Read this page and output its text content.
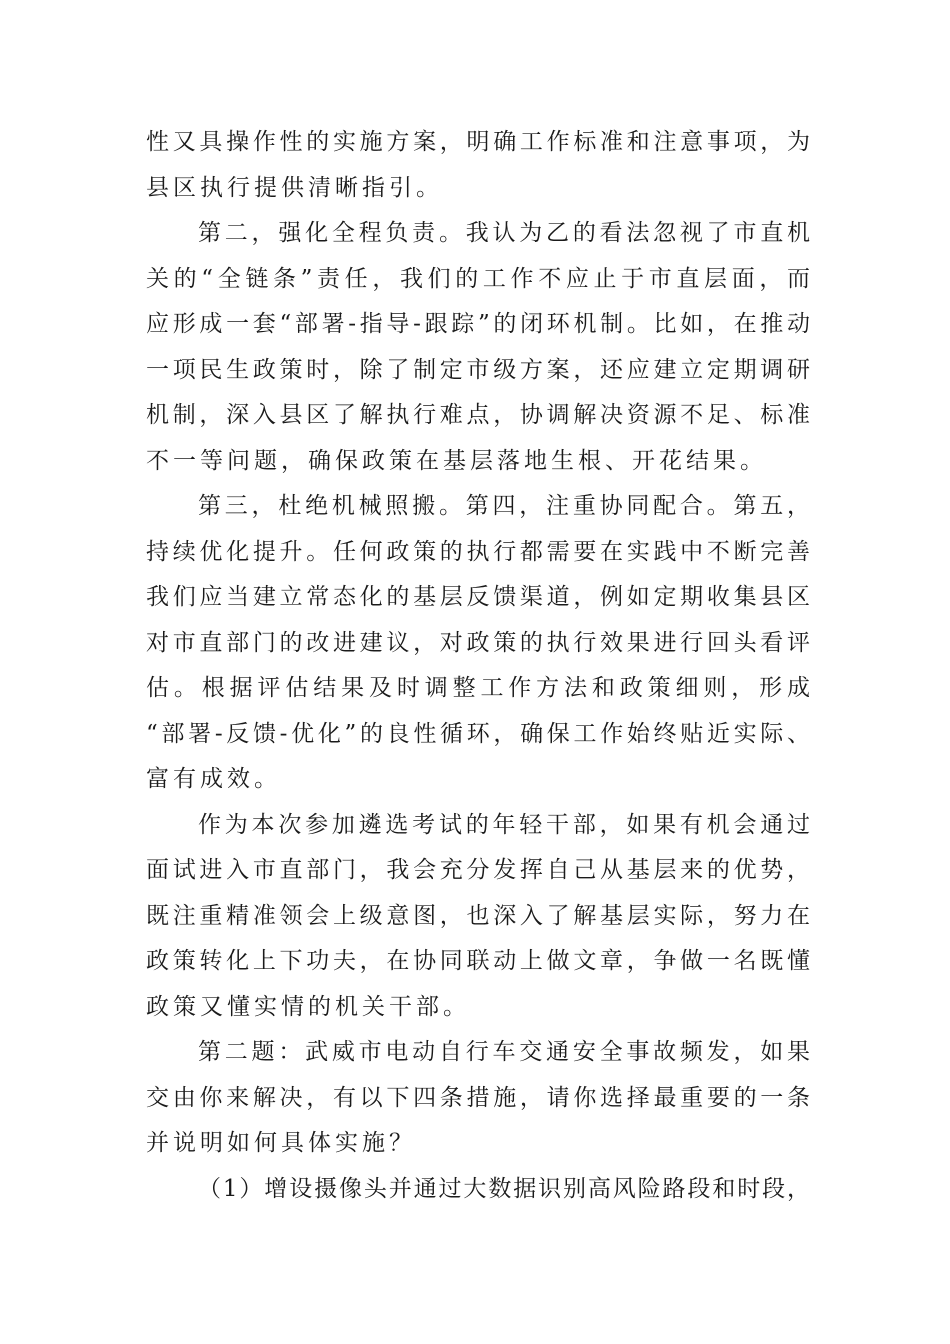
性又具操作性的实施方案，明确工作标准和注意事项，为
县区执行提供清晰指引。
第二，强化全程负责。我认为乙的看法忽视了市直机
关的“全链条”责任，我们的工作不应止于市直层面，而
应形成一套“部署-指导-跟踪”的闭环机制。比如，在推动
一项民生政策时，除了制定市级方案，还应建立定期调研
机制，深入县区了解执行难点，协调解决资源不足、标准
不一等问题，确保政策在基层落地生根、开花结果。
第三，杜绝机械照搬。第四，注重协同配合。第五，
持续优化提升。任何政策的执行都需要在实践中不断完善
我们应当建立常态化的基层反馈渠道，例如定期收集县区
对市直部门的改进建议，对政策的执行效果进行回头看评
估。根据评估结果及时调整工作方法和政策细则，形成
“部署-反馈-优化”的良性循环，确保工作始终贴近实际、
富有成效。
作为本次参加遴选考试的年轻干部，如果有机会通过
面试进入市直部门，我会充分发挥自己从基层来的优势，
既注重精准领会上级意图，也深入了解基层实际，努力在
政策转化上下功夫，在协同联动上做文章，争做一名既懂
政策又懂实情的机关干部。
第二题：武威市电动自行车交通安全事故频发，如果
交由你来解决，有以下四条措施，请你选择最重要的一条
并说明如何具体实施？
（1）增设摄像头并通过大数据识别高风险路段和时段，
